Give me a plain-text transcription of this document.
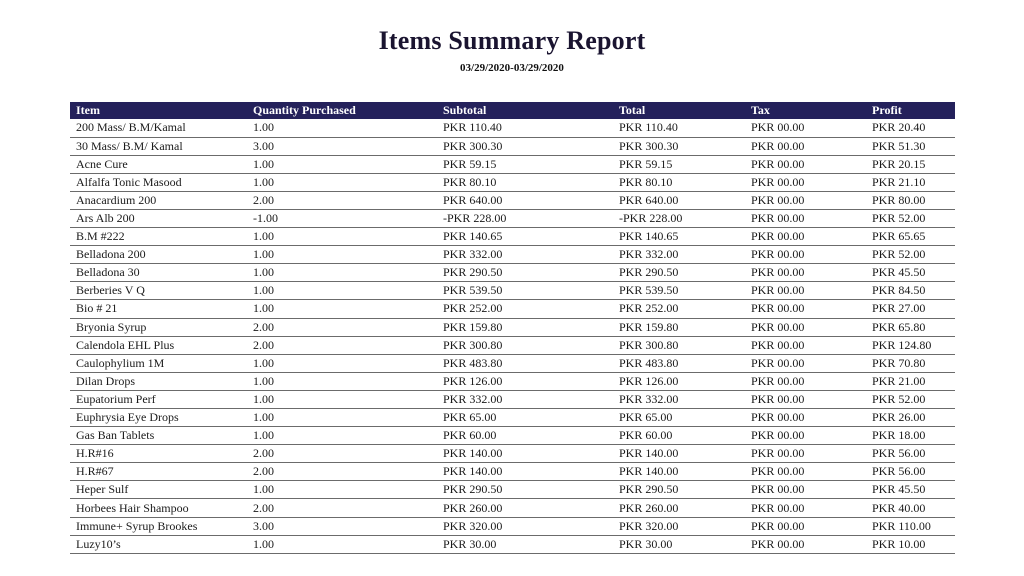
Items Summary Report
03/29/2020-03/29/2020
Item	Quantity Purchased	Subtotal	Total	Tax	Profit
200 Mass/ B.M/Kamal	1.00	PKR 110.40	PKR 110.40	PKR 00.00	PKR 20.40
30 Mass/ B.M/ Kamal	3.00	PKR 300.30	PKR 300.30	PKR 00.00	PKR 51.30
Acne Cure	1.00	PKR 59.15	PKR 59.15	PKR 00.00	PKR 20.15
Alfalfa Tonic Masood	1.00	PKR 80.10	PKR 80.10	PKR 00.00	PKR 21.10
Anacardium 200	2.00	PKR 640.00	PKR 640.00	PKR 00.00	PKR 80.00
Ars Alb 200	-1.00	-PKR 228.00	-PKR 228.00	PKR 00.00	PKR 52.00
B.M #222	1.00	PKR 140.65	PKR 140.65	PKR 00.00	PKR 65.65
Belladona 200	1.00	PKR 332.00	PKR 332.00	PKR 00.00	PKR 52.00
Belladona 30	1.00	PKR 290.50	PKR 290.50	PKR 00.00	PKR 45.50
Berberies V Q	1.00	PKR 539.50	PKR 539.50	PKR 00.00	PKR 84.50
Bio # 21	1.00	PKR 252.00	PKR 252.00	PKR 00.00	PKR 27.00
Bryonia Syrup	2.00	PKR 159.80	PKR 159.80	PKR 00.00	PKR 65.80
Calendola EHL Plus	2.00	PKR 300.80	PKR 300.80	PKR 00.00	PKR 124.80
Caulophylium 1M	1.00	PKR 483.80	PKR 483.80	PKR 00.00	PKR 70.80
Dilan Drops	1.00	PKR 126.00	PKR 126.00	PKR 00.00	PKR 21.00
Eupatorium Perf	1.00	PKR 332.00	PKR 332.00	PKR 00.00	PKR 52.00
Euphrysia Eye Drops	1.00	PKR 65.00	PKR 65.00	PKR 00.00	PKR 26.00
Gas Ban Tablets	1.00	PKR 60.00	PKR 60.00	PKR 00.00	PKR 18.00
H.R#16	2.00	PKR 140.00	PKR 140.00	PKR 00.00	PKR 56.00
H.R#67	2.00	PKR 140.00	PKR 140.00	PKR 00.00	PKR 56.00
Heper Sulf	1.00	PKR 290.50	PKR 290.50	PKR 00.00	PKR 45.50
Horbees Hair Shampoo	2.00	PKR 260.00	PKR 260.00	PKR 00.00	PKR 40.00
Immune+ Syrup Brookes	3.00	PKR 320.00	PKR 320.00	PKR 00.00	PKR 110.00
Luzy10’s	1.00	PKR 30.00	PKR 30.00	PKR 00.00	PKR 10.00
